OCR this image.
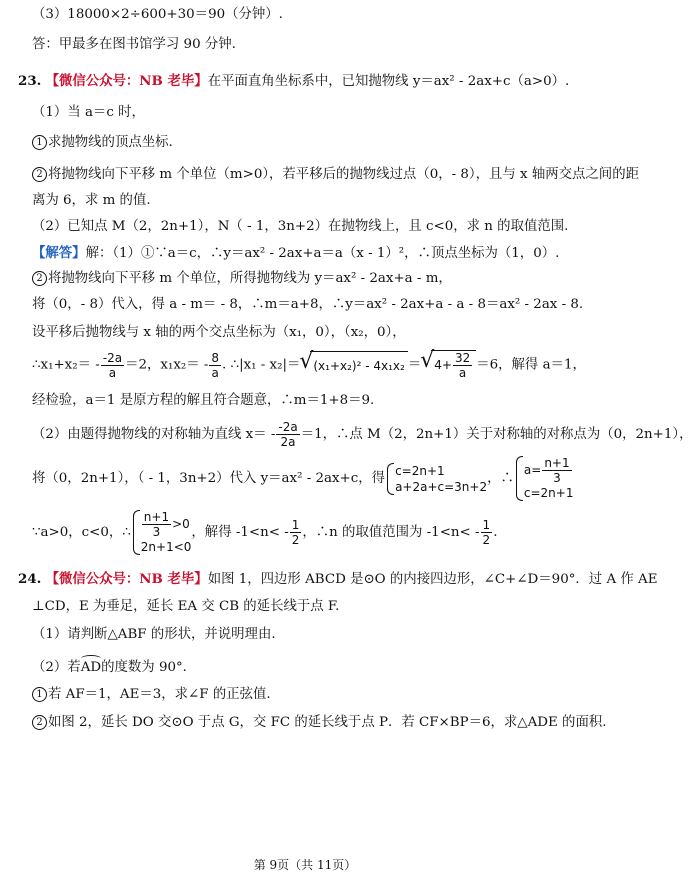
（3）18000×2÷600+30＝90（分钟）.
答：甲最多在图书馆学习 90 分钟.
23. 【微信公众号：NB 老毕】在平面直角坐标系中，已知抛物线 y＝ax² - 2ax+c（a>0）.
（1）当 a＝c 时，
1 求抛物线的顶点坐标.
2 将抛物线向下平移 m 个单位（m>0），若平移后的抛物线过点（0，- 8），且与 x 轴两交点之间的距
离为 6，求 m 的值.
（2）已知点 M（2，2n+1），N（ - 1，3n+2）在抛物线上，且 c<0，求 n 的取值范围.
【解答】解：（1）①∵a＝c，∴y＝ax² - 2ax+a＝a（x - 1）²，∴顶点坐标为（1，0）.
2 将抛物线向下平移 m 个单位，所得抛物线为 y＝ax² - 2ax+a - m，
将（0，- 8）代入，得 a - m＝ - 8，∴m＝a+8，∴y＝ax² - 2ax+a - a - 8＝ax² - 2ax - 8.
设平移后抛物线与 x 轴的两个交点坐标为（x₁，0），（x₂，0），
∴x₁+x₂＝ - $\frac{-2a}{a} =2$，$x_1x_2= - \frac{8}{a}$ . ∴|x₁ - x₂|＝ √ (x₁+x₂)² - 4x₁x₂ ＝ √ $4+ \frac{32}{a} =6$，解得 a＝1，
经检验，a＝1 是原方程的解且符合题意，∴m＝1+8＝9.
（2）由题得抛物线的对称轴为直线 $x= - \frac{-2a}{2a} =1$，∴点 M（2，2n+1）关于对称轴的对称点为（0，2n+1），
将（0，2n+1），（ - 1，3n+2）代入 y＝ax² - 2ax+c，得
c=2n+1
a+2a+c=3n+2
，∴
$a= \frac{n+1}{3}$
c=2n+1
∵a>0，c<0，∴ $\frac{n+1}{3} >0$
2n+1<0
，解得 $-1<n< - \frac{1}{2}$ ，∴n 的取值范围为 $-1<n< - \frac{1}{2}$ .
24. 【微信公众号：NB 老毕】如图 1，四边形 ABCD 是⊙O 的内接四边形，∠C+∠D＝90°．过 A 作 AE
⊥CD，E 为垂足，延长 EA 交 CB 的延长线于点 F.
（1）请判断△ABF 的形状，并说明理由.
（2）若AD的度数为 90°．
1 若 AF＝1，AE＝3，求∠F 的正弦值.
2 如图 2，延长 DO 交⊙O 于点 G，交 FC 的延长线于点 P．若 CF×BP＝6，求△ADE 的面积.
第 9页（共 11页）
